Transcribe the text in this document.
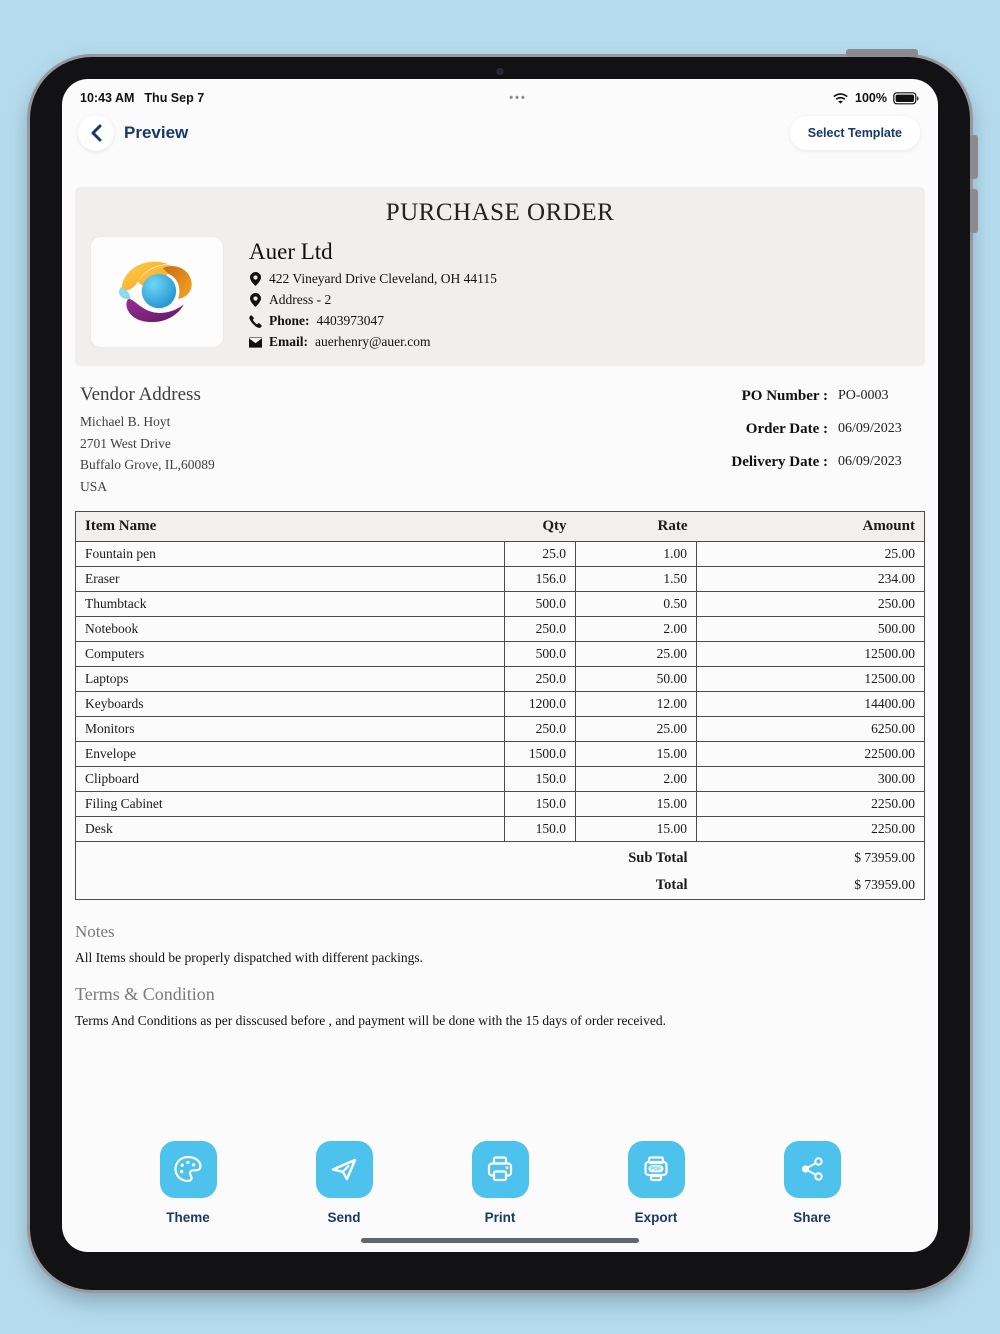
10:43 AM Thu Sep 7	•••	100%
Preview	Select Template
PURCHASE ORDER
Auer Ltd
422 Vineyard Drive Cleveland, OH 44115
Address - 2
Phone: 4403973047
Email: auerhenry@auer.com
Vendor Address
Michael B. Hoyt
2701 West Drive
Buffalo Grove, IL,60089
USA
PO Number : PO-0003
Order Date : 06/09/2023
Delivery Date : 06/09/2023
Item Name	Qty	Rate	Amount
Fountain pen	25.0	1.00	25.00
Eraser	156.0	1.50	234.00
Thumbtack	500.0	0.50	250.00
Notebook	250.0	2.00	500.00
Computers	500.0	25.00	12500.00
Laptops	250.0	50.00	12500.00
Keyboards	1200.0	12.00	14400.00
Monitors	250.0	25.00	6250.00
Envelope	1500.0	15.00	22500.00
Clipboard	150.0	2.00	300.00
Filing Cabinet	150.0	15.00	2250.00
Desk	150.0	15.00	2250.00
Sub Total			$ 73959.00
Total			$ 73959.00
Notes
All Items should be properly dispatched with different packings.
Terms & Condition
Terms And Conditions as per disscused before , and payment will be done with the 15 days of order received.
Theme	Send	Print
PDF
Export	Share
